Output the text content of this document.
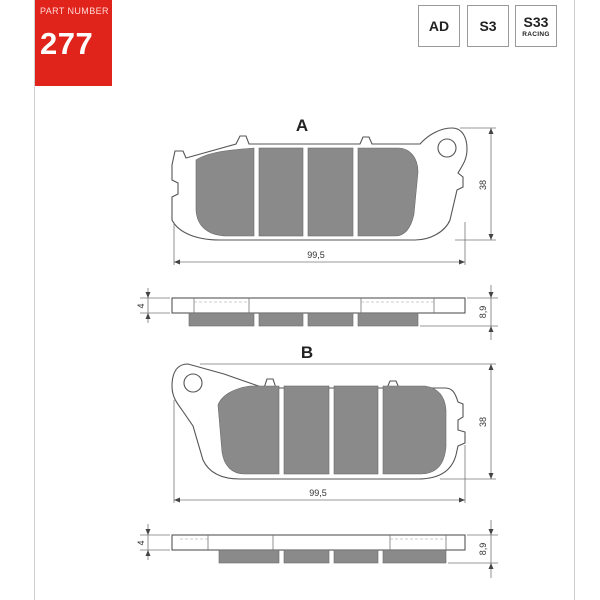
PART NUMBER
277	AD S3 S33
RACING
A
99,5
38
4	8,9
B
99,5
38
4	8,9
